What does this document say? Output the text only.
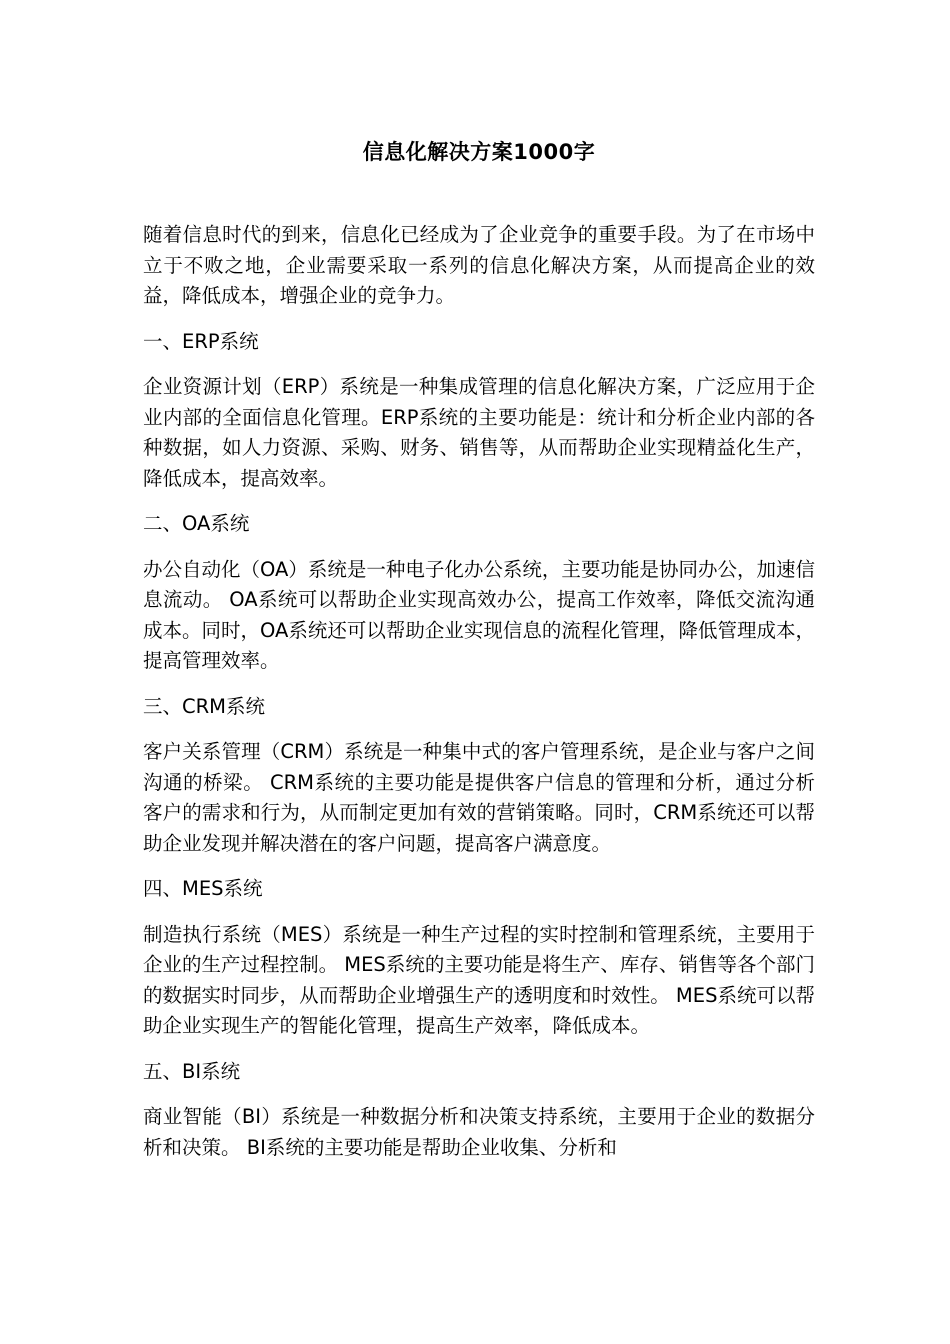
信息化解决方案1000字

随着信息时代的到来，信息化已经成为了企业竞争的重要手段。为了在市场中立于不败之地，企业需要采取一系列的信息化解决方案，从而提高企业的效益，降低成本，增强企业的竞争力。

一、ERP系统

企业资源计划（ERP）系统是一种集成管理的信息化解决方案，广泛应用于企业内部的全面信息化管理。ERP系统的主要功能是：统计和分析企业内部的各种数据，如人力资源、采购、财务、销售等，从而帮助企业实现精益化生产，降低成本，提高效率。

二、OA系统

办公自动化（OA）系统是一种电子化办公系统，主要功能是协同办公，加速信息流动。 OA系统可以帮助企业实现高效办公，提高工作效率，降低交流沟通成本。同时，OA系统还可以帮助企业实现信息的流程化管理，降低管理成本，提高管理效率。

三、CRM系统

客户关系管理（CRM）系统是一种集中式的客户管理系统，是企业与客户之间沟通的桥梁。 CRM系统的主要功能是提供客户信息的管理和分析，通过分析客户的需求和行为，从而制定更加有效的营销策略。同时，CRM系统还可以帮助企业发现并解决潜在的客户问题，提高客户满意度。

四、MES系统

制造执行系统（MES）系统是一种生产过程的实时控制和管理系统，主要用于企业的生产过程控制。 MES系统的主要功能是将生产、库存、销售等各个部门的数据实时同步，从而帮助企业增强生产的透明度和时效性。 MES系统可以帮助企业实现生产的智能化管理，提高生产效率，降低成本。

五、BI系统

商业智能（BI）系统是一种数据分析和决策支持系统，主要用于企业的数据分析和决策。 BI系统的主要功能是帮助企业收集、分析和
